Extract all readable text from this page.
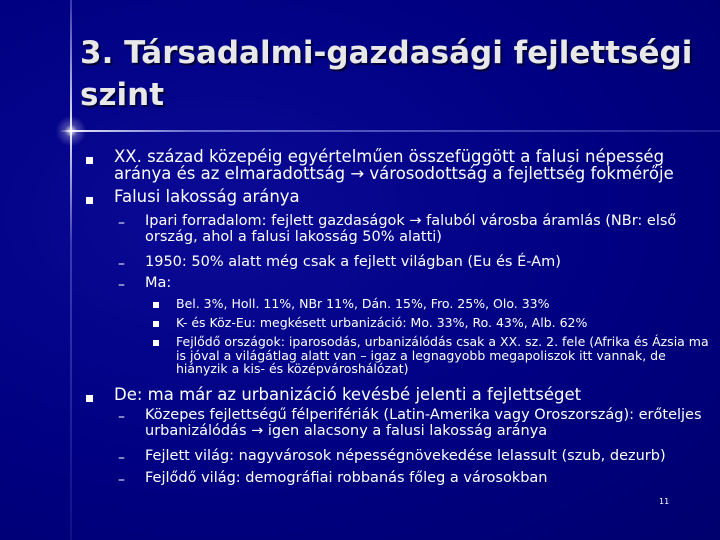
3. Társadalmi-gazdasági fejlettségi szint
XX. század közepéig egyértelműen összefüggött a falusi népesség aránya és az elmaradottság → városodottság a fejlettség fokmérője
Falusi lakosság aránya
– Ipari forradalom: fejlett gazdaságok → faluból városba áramlás (NBr: első ország, ahol a falusi lakosság 50% alatti)
– 1950: 50% alatt még csak a fejlett világban (Eu és É-Am)
– Ma:
Bel. 3%, Holl. 11%, NBr 11%, Dán. 15%, Fro. 25%, Olo. 33%
K- és Köz-Eu: megkésett urbanizáció: Mo. 33%, Ro. 43%, Alb. 62%
Fejlődő országok: iparosodás, urbanizálódás csak a XX. sz. 2. fele (Afrika és Ázsia ma is jóval a világátlag alatt van – igaz a legnagyobb megapoliszok itt vannak, de hiányzik a kis- és középvároshálózat)
De: ma már az urbanizáció kevésbé jelenti a fejlettséget
– Közepes fejlettségű félperifériák (Latin-Amerika vagy Oroszország): erőteljes urbanizálódás → igen alacsony a falusi lakosság aránya
– Fejlett világ: nagyvárosok népességnövekedése lelassult (szub, dezurb)
– Fejlődő világ: demográfiai robbanás főleg a városokban
11
